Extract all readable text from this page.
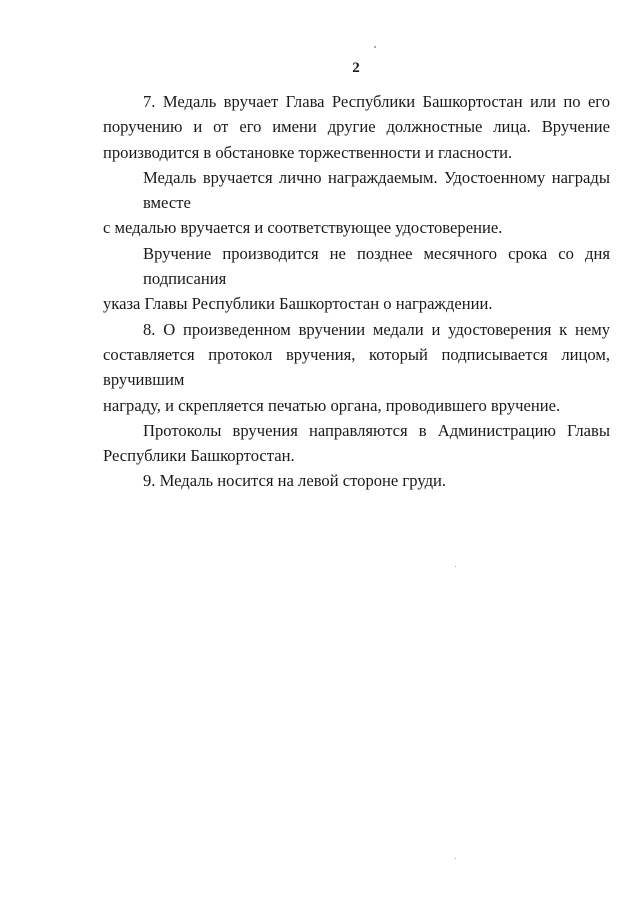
2
7. Медаль вручает Глава Республики Башкортостан или по его
поручению и от его имени другие должностные лица. Вручение
производится в обстановке торжественности и гласности.
Медаль вручается лично награждаемым. Удостоенному награды вместе
с медалью вручается и соответствующее удостоверение.
Вручение производится не позднее месячного срока со дня подписания
указа Главы Республики Башкортостан о награждении.
8. О произведенном вручении медали и удостоверения к нему
составляется протокол вручения, который подписывается лицом, вручившим
награду, и скрепляется печатью органа, проводившего вручение.
Протоколы вручения направляются в Администрацию Главы
Республики Башкортостан.
9. Медаль носится на левой стороне груди.
